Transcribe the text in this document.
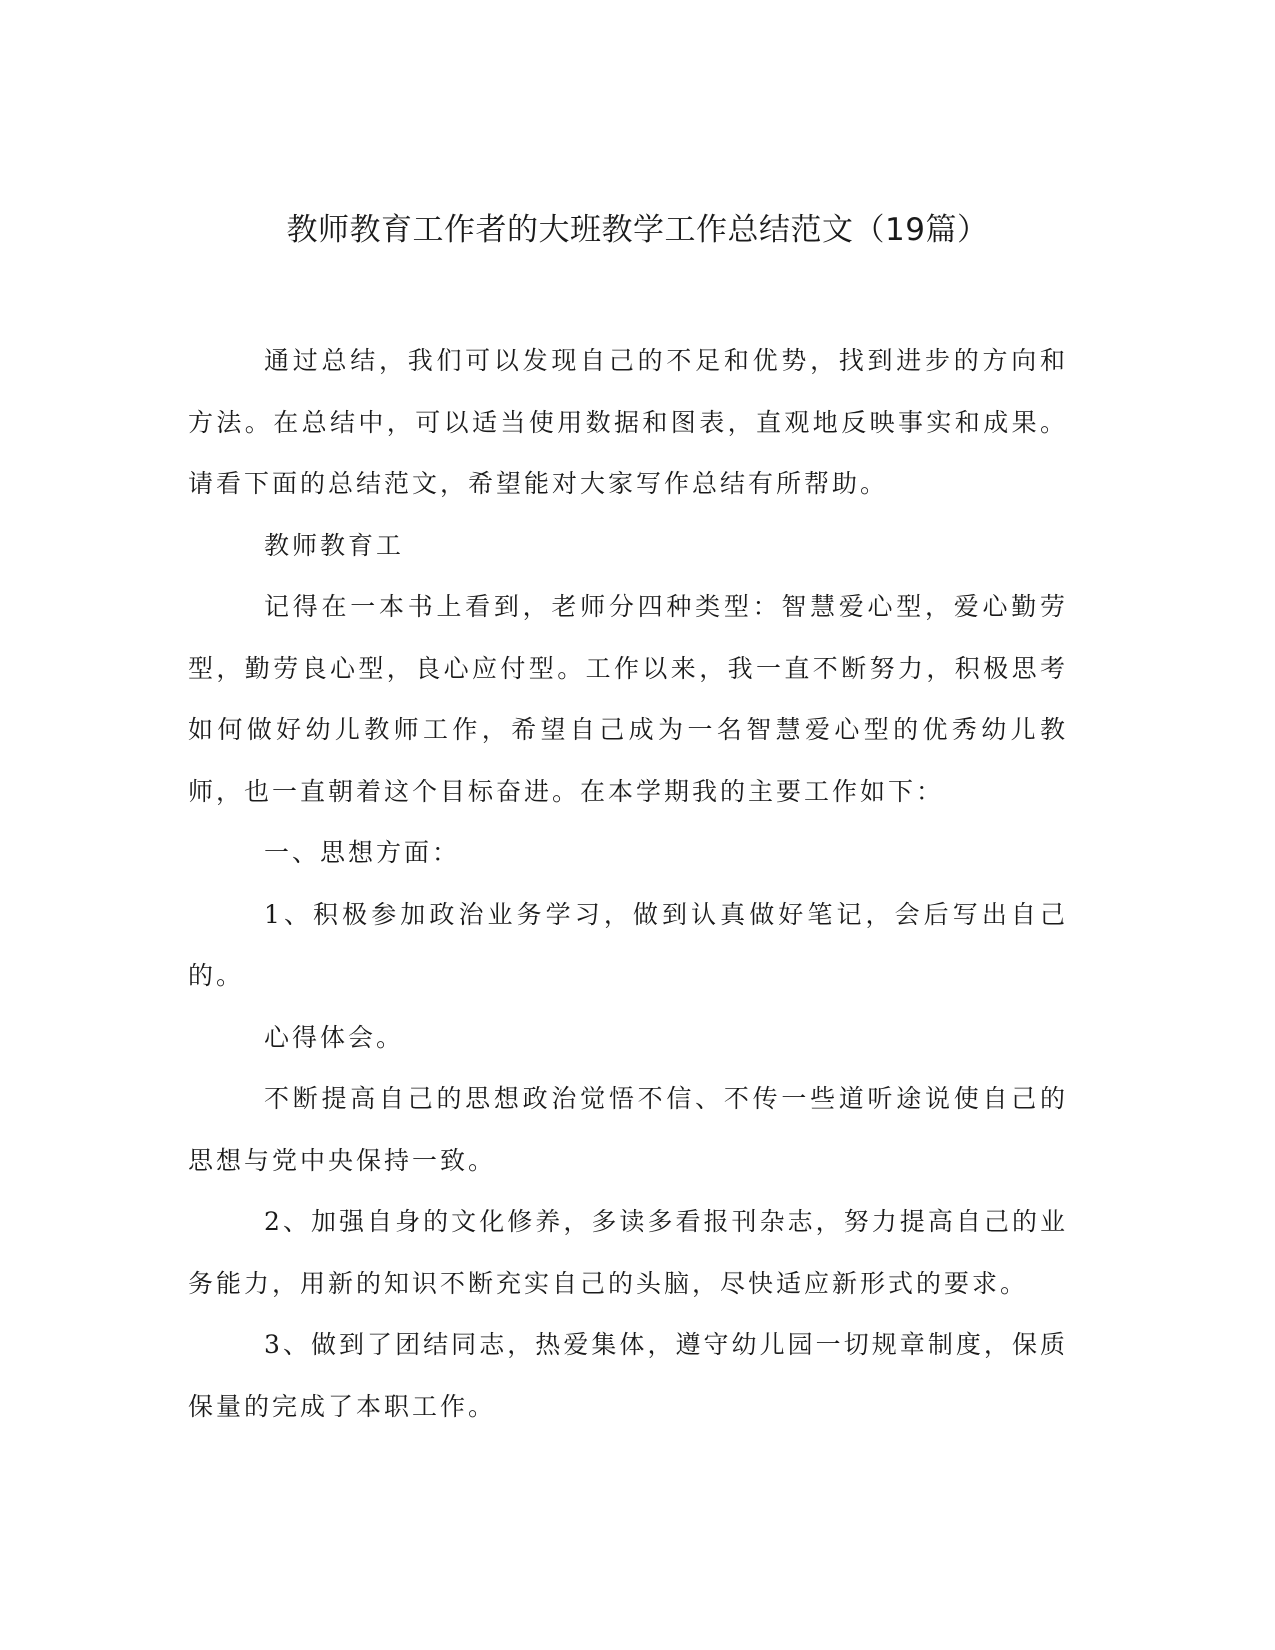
教师教育工作者的大班教学工作总结范文（19篇）

通过总结，我们可以发现自己的不足和优势，找到进步的方向和方法。在总结中，可以适当使用数据和图表，直观地反映事实和成果。请看下面的总结范文，希望能对大家写作总结有所帮助。

教师教育工

记得在一本书上看到，老师分四种类型：智慧爱心型，爱心勤劳型，勤劳良心型，良心应付型。工作以来，我一直不断努力，积极思考如何做好幼儿教师工作，希望自己成为一名智慧爱心型的优秀幼儿教师，也一直朝着这个目标奋进。在本学期我的主要工作如下：

一、思想方面：

1、积极参加政治业务学习，做到认真做好笔记，会后写出自己的。

心得体会。

不断提高自己的思想政治觉悟不信、不传一些道听途说使自己的思想与党中央保持一致。

2、加强自身的文化修养，多读多看报刊杂志，努力提高自己的业务能力，用新的知识不断充实自己的头脑，尽快适应新形式的要求。

3、做到了团结同志，热爱集体，遵守幼儿园一切规章制度，保质保量的完成了本职工作。
